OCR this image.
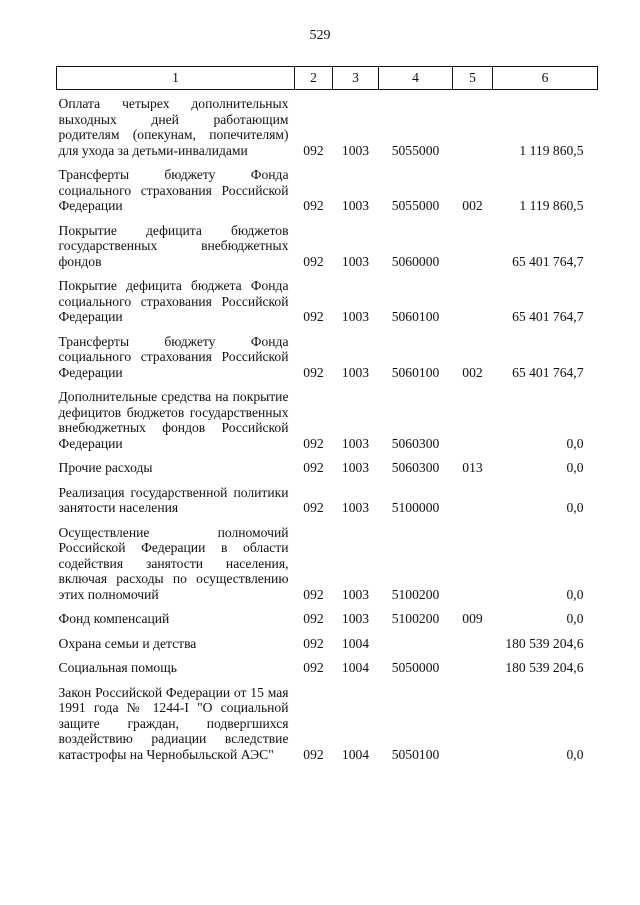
529
1	2	3	4	5	6
Оплата четырех дополнительных выходных дней работающим родителям (опекунам, попечителям) для ухода за детьми-инвалидами	092	1003	5055000		1 119 860,5
Трансферты бюджету Фонда социального страхования Российской Федерации	092	1003	5055000	002	1 119 860,5
Покрытие дефицита бюджетов государственных внебюджетных фондов	092	1003	5060000		65 401 764,7
Покрытие дефицита бюджета Фонда социального страхования Российской Федерации	092	1003	5060100		65 401 764,7
Трансферты бюджету Фонда социального страхования Российской Федерации	092	1003	5060100	002	65 401 764,7
Дополнительные средства на покрытие дефицитов бюджетов государственных внебюджетных фондов Российской Федерации	092	1003	5060300		0,0
Прочие расходы	092	1003	5060300	013	0,0
Реализация государственной политики занятости населения	092	1003	5100000		0,0
Осуществление полномочий Российской Федерации в области содействия занятости населения, включая расходы по осуществлению этих полномочий	092	1003	5100200		0,0
Фонд компенсаций	092	1003	5100200	009	0,0
Охрана семьи и детства	092	1004			180 539 204,6
Социальная помощь	092	1004	5050000		180 539 204,6
Закон Российской Федерации от 15 мая 1991 года № 1244-I "О социальной защите граждан, подвергшихся воздействию радиации вследствие катастрофы на Чернобыльской АЭС"	092	1004	5050100		0,0
